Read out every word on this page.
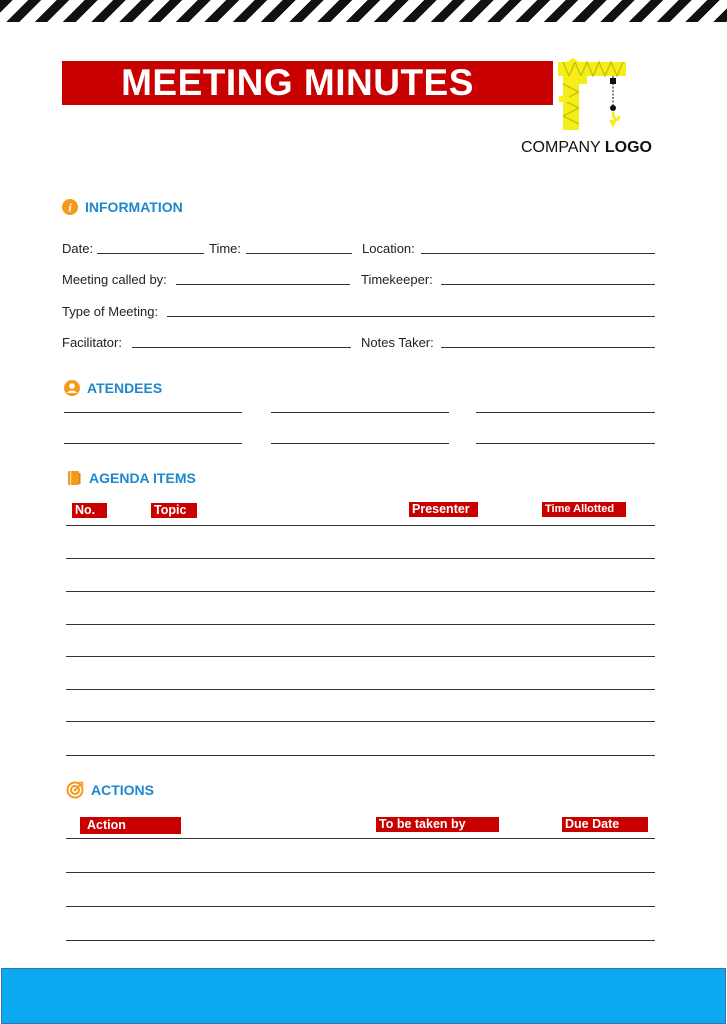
MEETING MINUTES
COMPANY LOGO
i INFORMATION
Date:	Time:	Location:
Meeting called by:	Timekeeper:
Type of Meeting:
Facilitator:	Notes Taker:
ATENDEES
AGENDA ITEMS
No.	Topic	Presenter	Time Allotted
ACTIONS
Action	To be taken by	Due Date
